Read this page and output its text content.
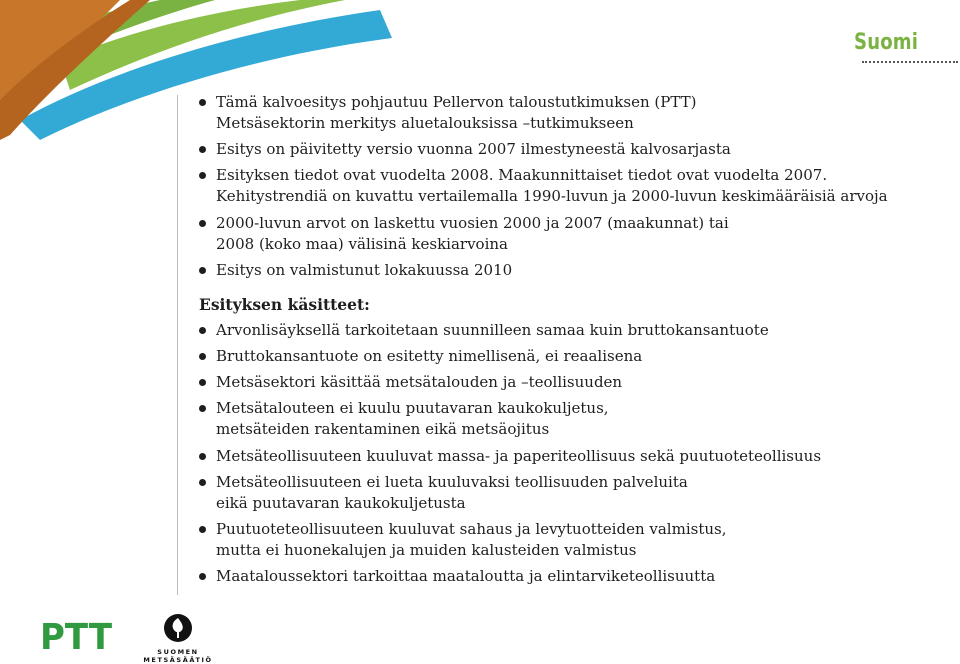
Suomi
Tämä kalvoesitys pohjautuu Pellervon taloustutkimuksen (PTT)
Metsäsektorin merkitys aluetalouksissa –tutkimukseen
Esitys on päivitetty versio vuonna 2007 ilmestyneestä kalvosarjasta
Esityksen tiedot ovat vuodelta 2008. Maakunnittaiset tiedot ovat vuodelta 2007.
Kehitystrendiä on kuvattu vertailemalla 1990-luvun ja 2000-luvun keskimääräisiä arvoja
2000-luvun arvot on laskettu vuosien 2000 ja 2007 (maakunnat) tai
2008 (koko maa) välisinä keskiarvoina
Esitys on valmistunut lokakuussa 2010
Esityksen käsitteet:
Arvonlisäyksellä tarkoitetaan suunnilleen samaa kuin bruttokansantuote
Bruttokansantuote on esitetty nimellisenä, ei reaalisena
Metsäsektori käsittää metsätalouden ja –teollisuuden
Metsätalouteen ei kuulu puutavaran kaukokuljetus,
metsäteiden rakentaminen eikä metsäojitus
Metsäteollisuuteen kuuluvat massa- ja paperiteollisuus sekä puutuoteteollisuus
Metsäteollisuuteen ei lueta kuuluvaksi teollisuuden palveluita
eikä puutavaran kaukokuljetusta
Puutuoteteollisuuteen kuuluvat sahaus ja levytuotteiden valmistus,
mutta ei huonekalujen ja muiden kalusteiden valmistus
Maataloussektori tarkoittaa maataloutta ja elintarviketeollisuutta
PTT	SUOMEN METSÄSÄÄTIÖ
